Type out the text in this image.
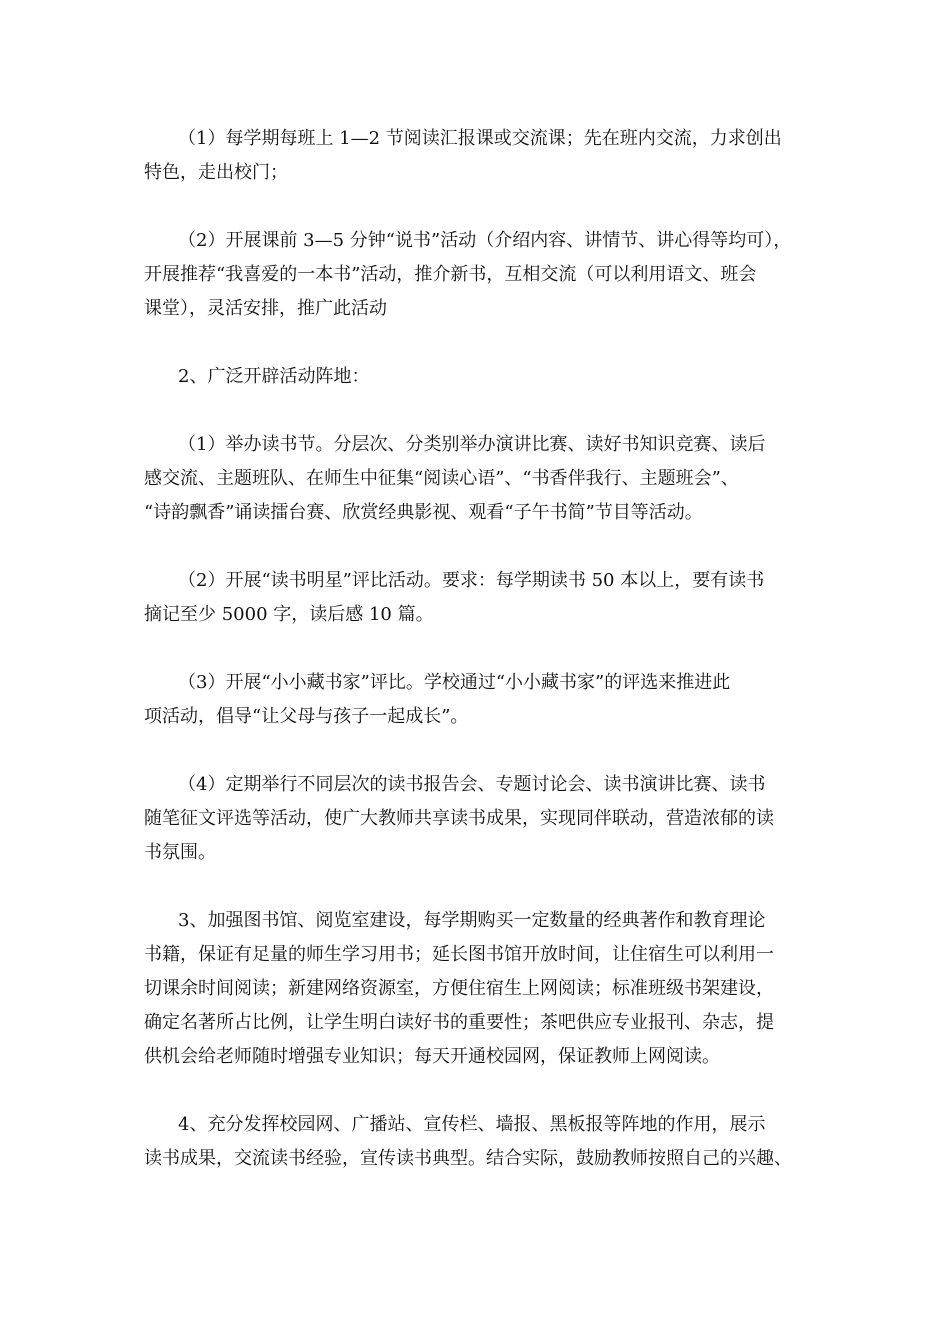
（1）每学期每班上 1—2 节阅读汇报课或交流课；先在班内交流，力求创出
特色，走出校门；

（2）开展课前 3—5 分钟“说书”活动（介绍内容、讲情节、讲心得等均可），
开展推荐“我喜爱的一本书”活动，推介新书，互相交流（可以利用语文、班会
课堂），灵活安排，推广此活动

2、广泛开辟活动阵地：

（1）举办读书节。分层次、分类别举办演讲比赛、读好书知识竞赛、读后
感交流、主题班队、在师生中征集“阅读心语”、“书香伴我行、主题班会”、
“诗韵飘香”诵读擂台赛、欣赏经典影视、观看“子午书简”节目等活动。

（2）开展“读书明星”评比活动。要求：每学期读书 50 本以上，要有读书
摘记至少 5000 字，读后感 10 篇。

（3）开展“小小藏书家”评比。学校通过“小小藏书家”的评选来推进此
项活动，倡导“让父母与孩子一起成长”。

（4）定期举行不同层次的读书报告会、专题讨论会、读书演讲比赛、读书
随笔征文评选等活动，使广大教师共享读书成果，实现同伴联动，营造浓郁的读
书氛围。

3、加强图书馆、阅览室建设，每学期购买一定数量的经典著作和教育理论
书籍，保证有足量的师生学习用书；延长图书馆开放时间，让住宿生可以利用一
切课余时间阅读；新建网络资源室，方便住宿生上网阅读；标准班级书架建设，
确定名著所占比例，让学生明白读好书的重要性；茶吧供应专业报刊、杂志，提
供机会给老师随时增强专业知识；每天开通校园网，保证教师上网阅读。

4、充分发挥校园网、广播站、宣传栏、墙报、黑板报等阵地的作用，展示
读书成果，交流读书经验，宣传读书典型。结合实际，鼓励教师按照自己的兴趣、
